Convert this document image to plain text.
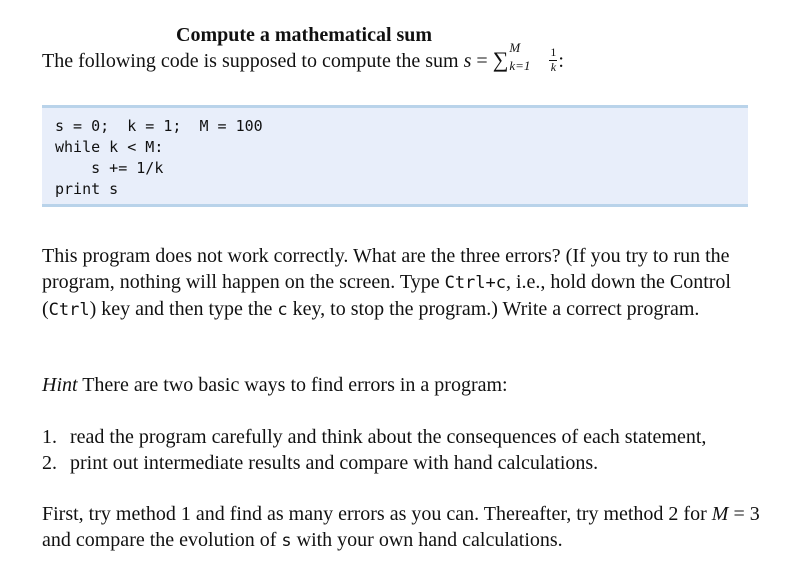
Compute a mathematical sum
The following code is supposed to compute the sum s = ∑ M
$k=1 \frac{1}{k}$ :
s = 0;  k = 1;  M = 100
while k < M:
s += 1/k
print s
This program does not work correctly. What are the three errors? (If you try to run the program, nothing will happen on the screen. Type Ctrl+c, i.e., hold down the Control (Ctrl) key and then type the c key, to stop the program.) Write a correct program.
Hint There are two basic ways to find errors in a program:
1. read the program carefully and think about the consequences of each statement,
2. print out intermediate results and compare with hand calculations.
First, try method 1 and find as many errors as you can. Thereafter, try method 2 for M = 3 and compare the evolution of s with your own hand calculations.
